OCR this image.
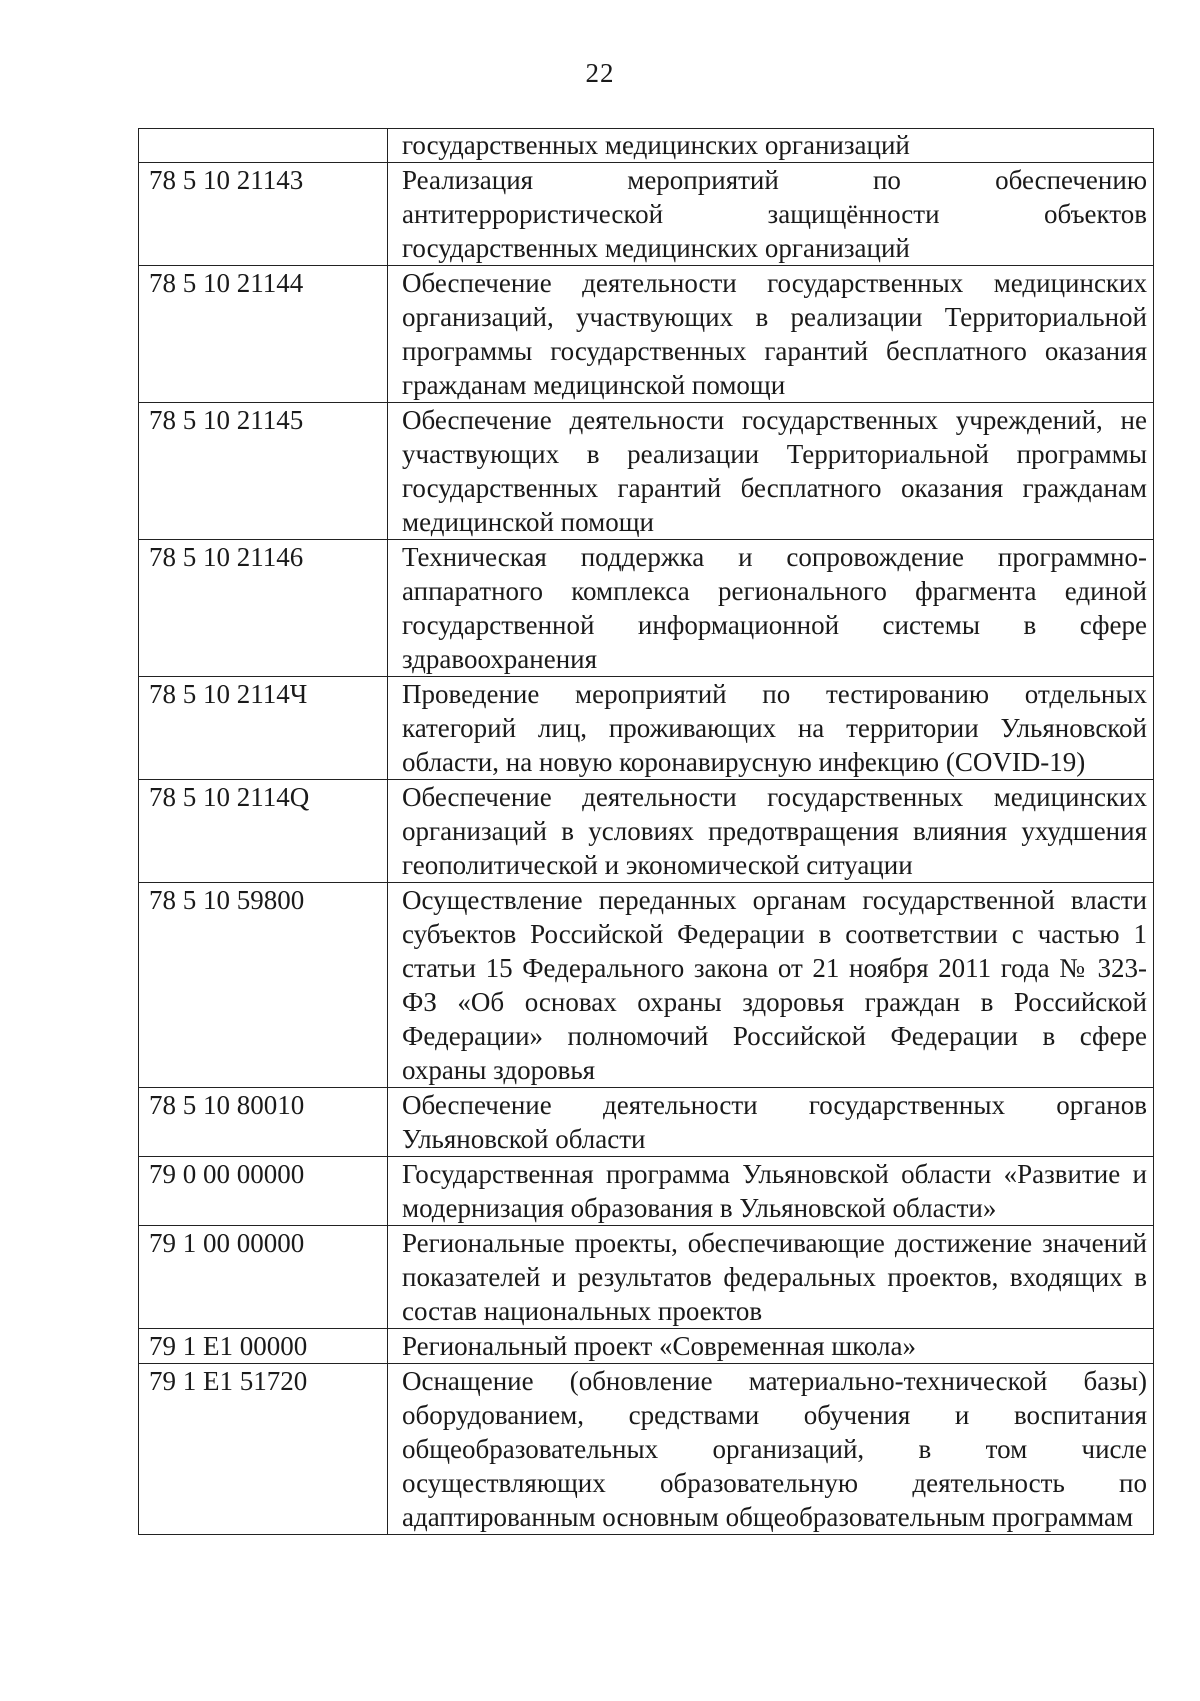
22
	государственных медицинских организаций
78 5 10 21143	Реализация мероприятий по обеспечению антитеррористической защищённости объектов государственных медицинских организаций
78 5 10 21144	Обеспечение деятельности государственных медицинских организаций, участвующих в реализации Территориальной программы государственных гарантий бесплатного оказания гражданам медицинской помощи
78 5 10 21145	Обеспечение деятельности государственных учреждений, не участвующих в реализации Территориальной программы государственных гарантий бесплатного оказания гражданам медицинской помощи
78 5 10 21146	Техническая поддержка и сопровождение программно-аппаратного комплекса регионального фрагмента единой государственной информационной системы в сфере здравоохранения
78 5 10 2114Ч	Проведение мероприятий по тестированию отдельных категорий лиц, проживающих на территории Ульяновской области, на новую коронавирусную инфекцию (COVID-19)
78 5 10 2114Q	Обеспечение деятельности государственных медицинских организаций в условиях предотвращения влияния ухудшения геополитической и экономической ситуации
78 5 10 59800	Осуществление переданных органам государственной власти субъектов Российской Федерации в соответствии с частью 1 статьи 15 Федерального закона от 21 ноября 2011 года № 323-ФЗ «Об основах охраны здоровья граждан в Российской Федерации» полномочий Российской Федерации в сфере охраны здоровья
78 5 10 80010	Обеспечение деятельности государственных органов Ульяновской области
79 0 00 00000	Государственная программа Ульяновской области «Развитие и модернизация образования в Ульяновской области»
79 1 00 00000	Региональные проекты, обеспечивающие достижение значений показателей и результатов федеральных проектов, входящих в состав национальных проектов
79 1 E1 00000	Региональный проект «Современная школа»
79 1 E1 51720	Оснащение (обновление материально-технической базы) оборудованием, средствами обучения и воспитания общеобразовательных организаций, в том числе осуществляющих образовательную деятельность по адаптированным основным общеобразовательным программам
